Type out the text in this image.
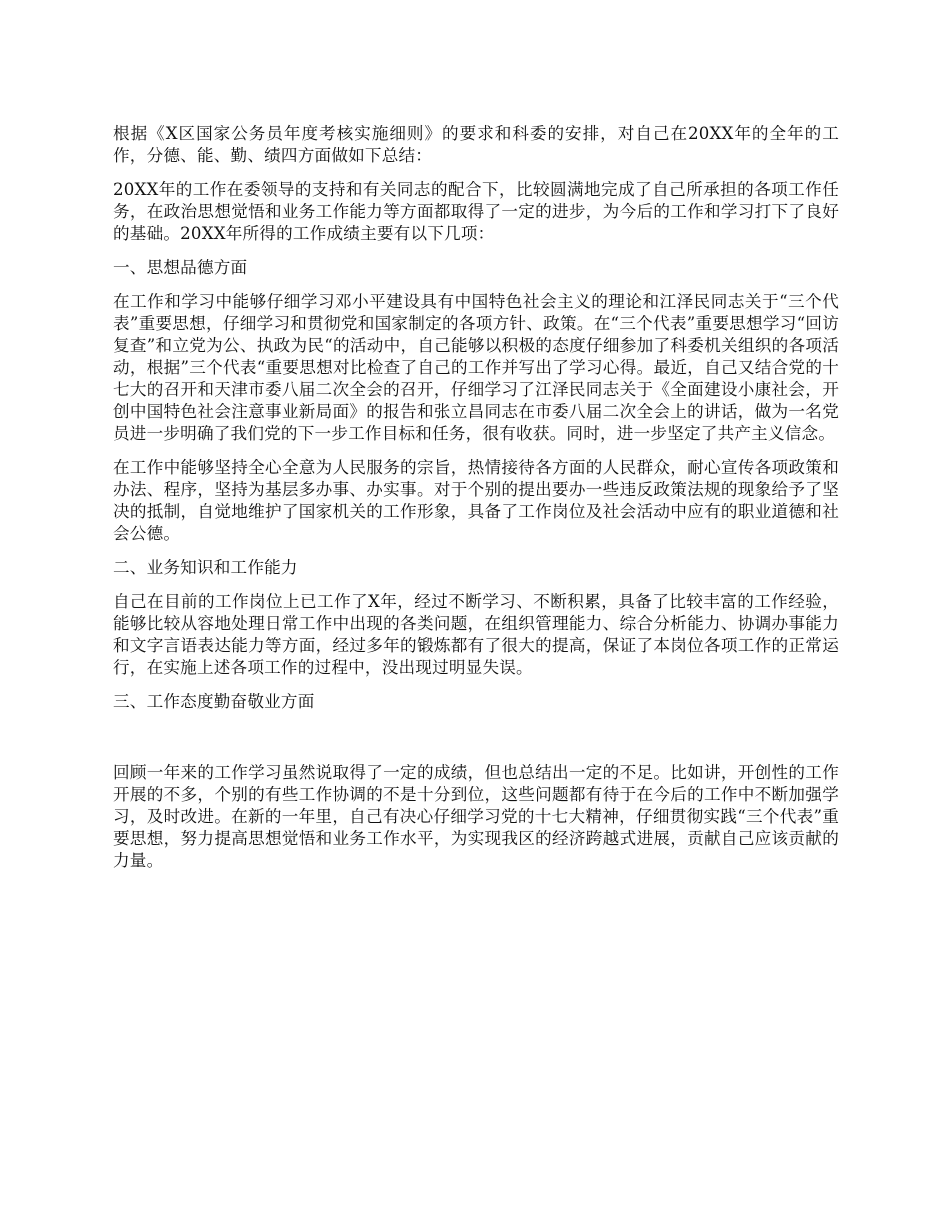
根据《X区国家公务员年度考核实施细则》的要求和科委的安排，对自己在20XX年的全年的工作，分德、能、勤、绩四方面做如下总结：

20XX年的工作在委领导的支持和有关同志的配合下，比较圆满地完成了自己所承担的各项工作任务，在政治思想觉悟和业务工作能力等方面都取得了一定的进步，为今后的工作和学习打下了良好的基础。20XX年所得的工作成绩主要有以下几项：

一、思想品德方面

在工作和学习中能够仔细学习邓小平建设具有中国特色社会主义的理论和江泽民同志关于“三个代表”重要思想，仔细学习和贯彻党和国家制定的各项方针、政策。在“三个代表”重要思想学习“回访复查”和立党为公、执政为民“的活动中，自己能够以积极的态度仔细参加了科委机关组织的各项活动，根据”三个代表“重要思想对比检查了自己的工作并写出了学习心得。最近，自己又结合党的十七大的召开和天津市委八届二次全会的召开，仔细学习了江泽民同志关于《全面建设小康社会，开创中国特色社会注意事业新局面》的报告和张立昌同志在市委八届二次全会上的讲话，做为一名党员进一步明确了我们党的下一步工作目标和任务，很有收获。同时，进一步坚定了共产主义信念。

在工作中能够坚持全心全意为人民服务的宗旨，热情接待各方面的人民群众，耐心宣传各项政策和办法、程序，坚持为基层多办事、办实事。对于个别的提出要办一些违反政策法规的现象给予了坚决的抵制，自觉地维护了国家机关的工作形象，具备了工作岗位及社会活动中应有的职业道德和社会公德。

二、业务知识和工作能力

自己在目前的工作岗位上已工作了X年，经过不断学习、不断积累，具备了比较丰富的工作经验，能够比较从容地处理日常工作中出现的各类问题，在组织管理能力、综合分析能力、协调办事能力和文字言语表达能力等方面，经过多年的锻炼都有了很大的提高，保证了本岗位各项工作的正常运行，在实施上述各项工作的过程中，没出现过明显失误。

三、工作态度勤奋敬业方面

回顾一年来的工作学习虽然说取得了一定的成绩，但也总结出一定的不足。比如讲，开创性的工作开展的不多，个别的有些工作协调的不是十分到位，这些问题都有待于在今后的工作中不断加强学习，及时改进。在新的一年里，自己有决心仔细学习党的十七大精神，仔细贯彻实践“三个代表”重要思想，努力提高思想觉悟和业务工作水平，为实现我区的经济跨越式进展，贡献自己应该贡献的力量。
